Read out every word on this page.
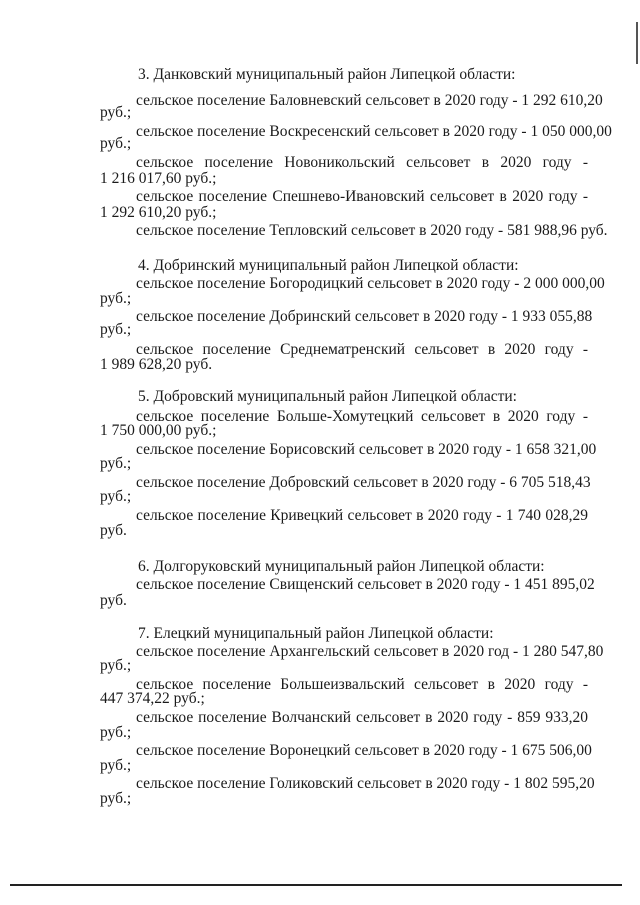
3. Данковский муниципальный район Липецкой области:
сельское поселение Баловневский сельсовет в 2020 году - 1 292 610,20
руб.;
сельское поселение Воскресенский сельсовет в 2020 году - 1 050 000,00
руб.;
сельское поселение Новоникольский сельсовет в 2020 году -
1 216 017,60 руб.;
сельское поселение Спешнево-Ивановский сельсовет в 2020 году -
1 292 610,20 руб.;
сельское поселение Тепловский сельсовет в 2020 году - 581 988,96 руб.
4. Добринский муниципальный район Липецкой области:
сельское поселение Богородицкий сельсовет в 2020 году - 2 000 000,00
руб.;
сельское поселение Добринский сельсовет в 2020 году - 1 933 055,88
руб.;
сельское поселение Среднематренский сельсовет в 2020 году -
1 989 628,20 руб.
5. Добровский муниципальный район Липецкой области:
сельское поселение Больше-Хомутецкий сельсовет в 2020 году -
1 750 000,00 руб.;
сельское поселение Борисовский сельсовет в 2020 году - 1 658 321,00
руб.;
сельское поселение Добровский сельсовет в 2020 году - 6 705 518,43
руб.;
сельское поселение Кривецкий сельсовет в 2020 году - 1 740 028,29
руб.
6. Долгоруковский муниципальный район Липецкой области:
сельское поселение Свищенский сельсовет в 2020 году - 1 451 895,02
руб.
7. Елецкий муниципальный район Липецкой области:
сельское поселение Архангельский сельсовет в 2020 год - 1 280 547,80
руб.;
сельское поселение Большеизвальский сельсовет в 2020 году -
447 374,22 руб.;
сельское поселение Волчанский сельсовет в 2020 году - 859 933,20
руб.;
сельское поселение Воронецкий сельсовет в 2020 году - 1 675 506,00
руб.;
сельское поселение Голиковский сельсовет в 2020 году - 1 802 595,20
руб.;
